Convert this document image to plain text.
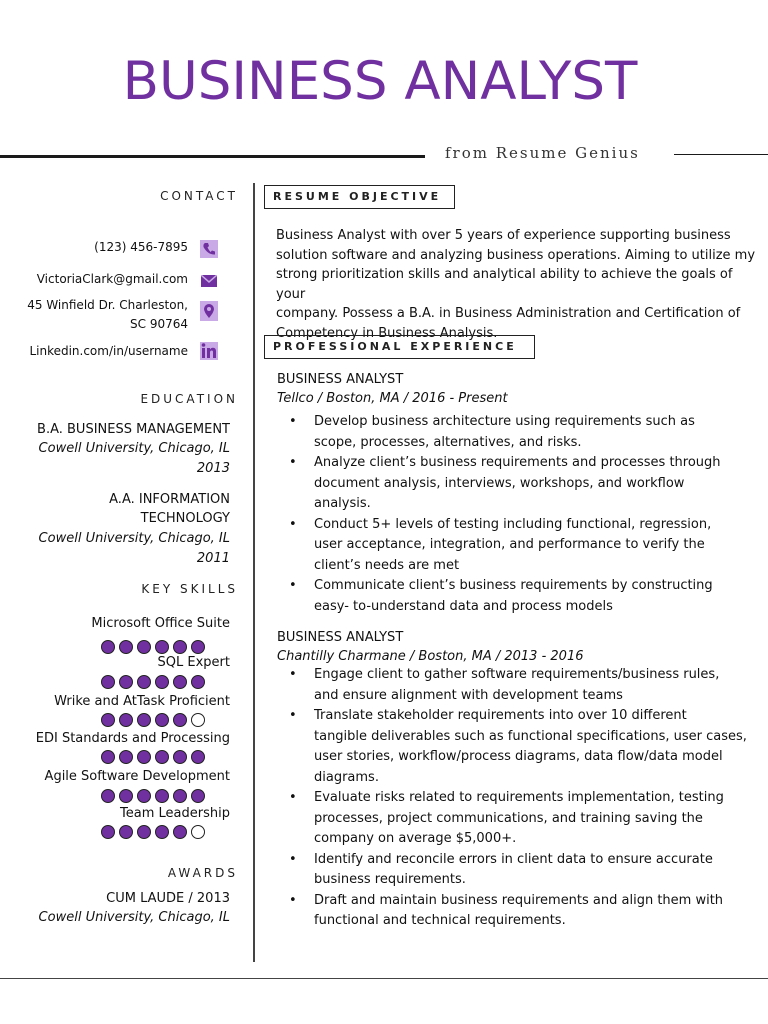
BUSINESS ANALYST
from Resume Genius
CONTACT
(123) 456-7895
VictoriaClark@gmail.com
45 Winfield Dr. Charleston,
SC 90764
Linkedin.com/in/username
EDUCATION
B.A. BUSINESS MANAGEMENT
Cowell University, Chicago, IL
2013
A.A. INFORMATION
TECHNOLOGY
Cowell University, Chicago, IL
2011
KEY SKILLS
Microsoft Office Suite
SQL Expert
Wrike and AtTask Proficient
EDI Standards and Processing
Agile Software Development
Team Leadership
AWARDS
CUM LAUDE / 2013
Cowell University, Chicago, IL
RESUME OBJECTIVE
Business Analyst with over 5 years of experience supporting business
solution software and analyzing business operations. Aiming to utilize my
strong prioritization skills and analytical ability to achieve the goals of your
company. Possess a B.A. in Business Administration and Certification of
Competency in Business Analysis.
PROFESSIONAL EXPERIENCE
BUSINESS ANALYST
Tellco / Boston, MA / 2016 - Present
• Develop business architecture using requirements such as
scope, processes, alternatives, and risks.
• Analyze client’s business requirements and processes through
document analysis, interviews, workshops, and workflow
analysis.
• Conduct 5+ levels of testing including functional, regression,
user acceptance, integration, and performance to verify the
client’s needs are met
• Communicate client’s business requirements by constructing
easy- to-understand data and process models
BUSINESS ANALYST
Chantilly Charmane / Boston, MA / 2013 - 2016
• Engage client to gather software requirements/business rules,
and ensure alignment with development teams
• Translate stakeholder requirements into over 10 different
tangible deliverables such as functional specifications, user cases,
user stories, workflow/process diagrams, data flow/data model
diagrams.
• Evaluate risks related to requirements implementation, testing
processes, project communications, and training saving the
company on average $5,000+.
• Identify and reconcile errors in client data to ensure accurate
business requirements.
• Draft and maintain business requirements and align them with
functional and technical requirements.
